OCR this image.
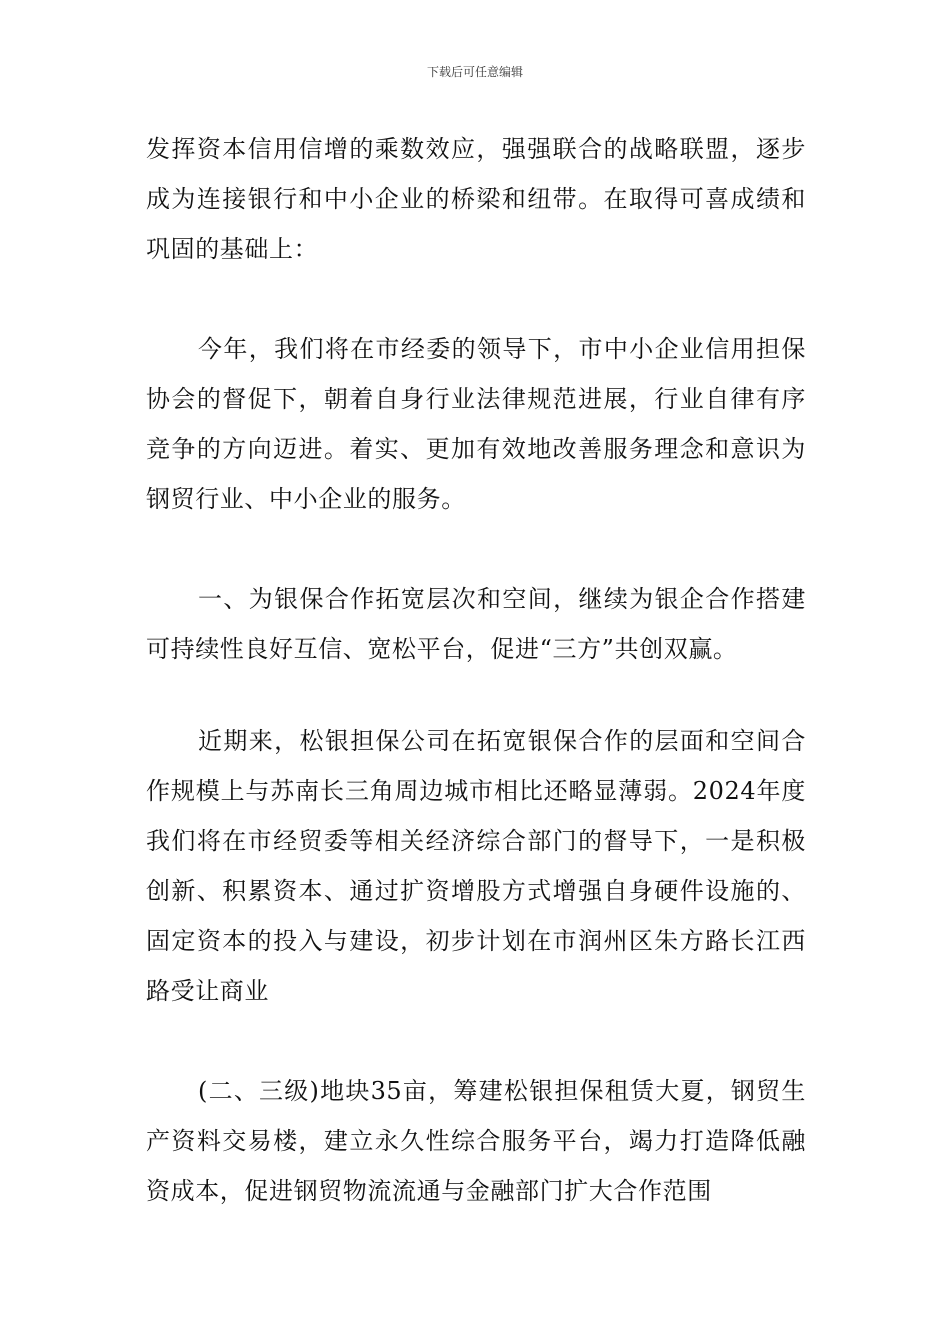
下载后可任意编辑

发挥资本信用信增的乘数效应，强强联合的战略联盟，逐步成为连接银行和中小企业的桥梁和纽带。在取得可喜成绩和巩固的基础上：

今年，我们将在市经委的领导下，市中小企业信用担保协会的督促下，朝着自身行业法律规范进展，行业自律有序竞争的方向迈进。着实、更加有效地改善服务理念和意识为钢贸行业、中小企业的服务。

一、为银保合作拓宽层次和空间，继续为银企合作搭建可持续性良好互信、宽松平台，促进“三方”共创双赢。

近期来，松银担保公司在拓宽银保合作的层面和空间合作规模上与苏南长三角周边城市相比还略显薄弱。2024年度我们将在市经贸委等相关经济综合部门的督导下，一是积极创新、积累资本、通过扩资增股方式增强自身硬件设施的、固定资本的投入与建设，初步计划在市润州区朱方路长江西路受让商业

(二、三级)地块35亩，筹建松银担保租赁大夏，钢贸生产资料交易楼，建立永久性综合服务平台，竭力打造降低融资成本，促进钢贸物流流通与金融部门扩大合作范围
